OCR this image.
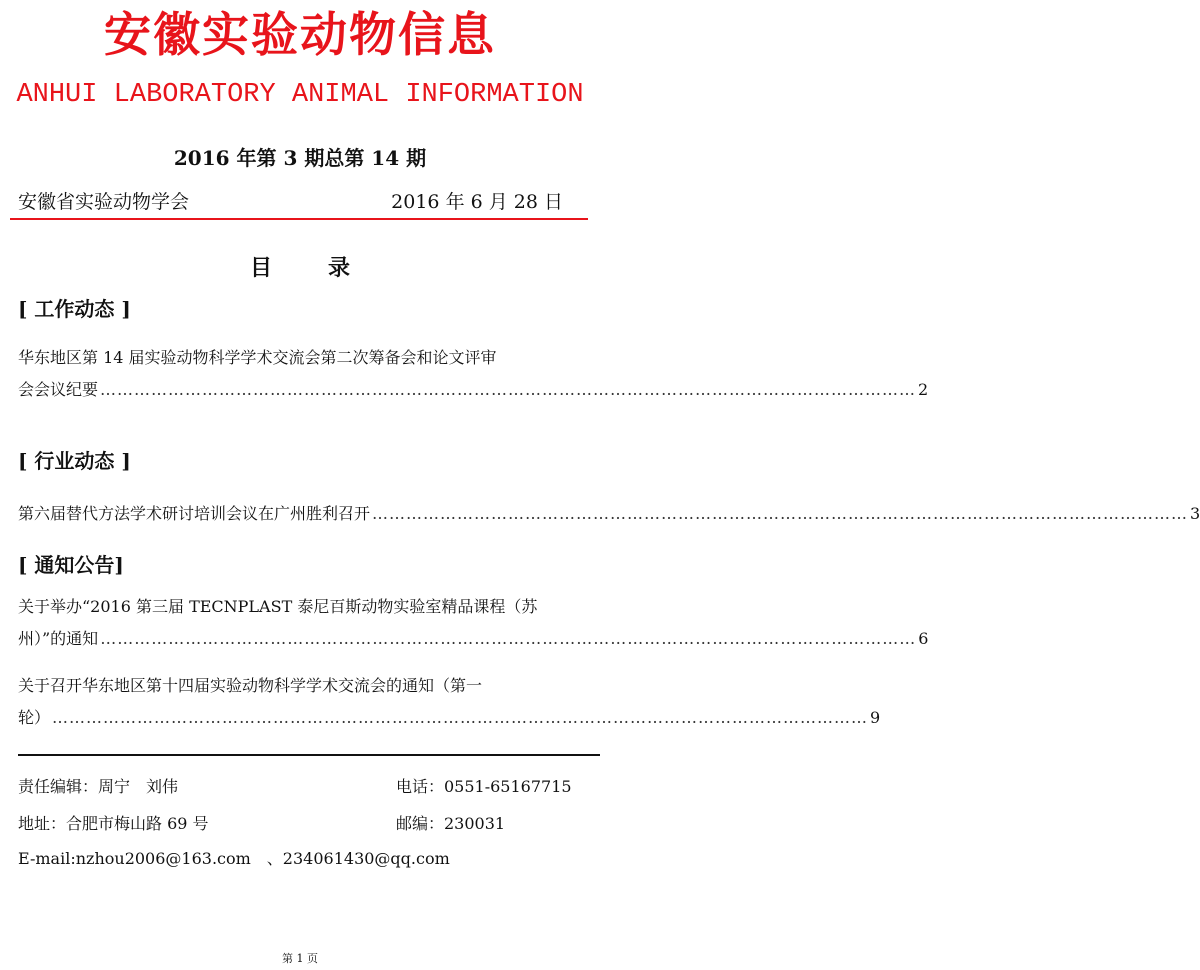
安徽实验动物信息
ANHUI LABORATORY ANIMAL INFORMATION
2016 年第 3 期总第 14 期
安徽省实验动物学会	2016 年 6 月 28 日
目录
[ 工作动态 ]
华东地区第 14 届实验动物科学学术交流会第二次筹备会和论文评审
会会议纪要 ……………………………………………………………………………………………………………………………… 2
[ 行业动态 ]
第六届替代方法学术研讨培训会议在广州胜利召开 ……………………………………………………………………………………………………………………………… 3
[ 通知公告]
关于举办“2016 第三届 TECNPLAST 泰尼百斯动物实验室精品课程（苏
州）”的通知 ……………………………………………………………………………………………………………………………… 6
关于召开华东地区第十四届实验动物科学学术交流会的通知（第一
轮） ……………………………………………………………………………………………………………………………… 9
责任编辑：周宁　刘伟	电话：0551-65167715
地址：合肥市梅山路 69 号	邮编：230031
E-mail:nzhou2006@163.com　、234061430@qq.com
第 1 页
